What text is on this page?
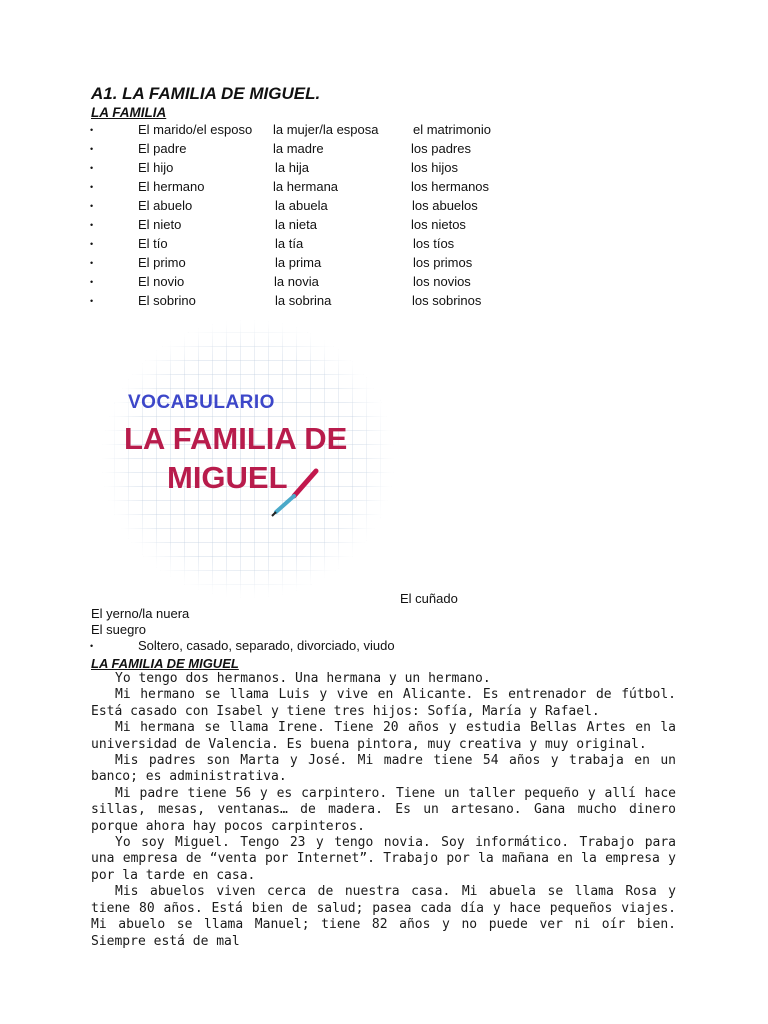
A1. LA FAMILIA DE MIGUEL.
LA FAMILIA
•	El marido/el esposo la mujer/la esposa	el matrimonio
•	El padre	la madre	los padres
•	El hijo	la hija	los hijos
•	El hermano	la hermana	los hermanos
•	El abuelo	la abuela	los abuelos
•	El nieto	la nieta	los nietos
•	El tío	la tía	los tíos
•	El primo	la prima	los primos
•	El novio	la novia	los novios
•	El sobrino	la sobrina	los sobrinos
VOCABULARIO
LA FAMILIA DE
MIGUEL
El cuñado
El yerno/la nuera
El suegro
•	Soltero, casado, separado, divorciado, viudo
LA FAMILIA DE MIGUEL

Yo tengo dos hermanos. Una hermana y un hermano.

Mi hermano se llama Luis y vive en Alicante. Es entrenador de fútbol. Está casado con Isabel y tiene tres hijos: Sofía, María y Rafael.

Mi hermana se llama Irene. Tiene 20 años y estudia Bellas Artes en la universidad de Valencia. Es buena pintora, muy creativa y muy original.

Mis padres son Marta y José. Mi madre tiene 54 años y trabaja en un banco; es administrativa.

Mi padre tiene 56 y es carpintero. Tiene un taller pequeño y allí hace sillas, mesas, ventanas… de madera. Es un artesano. Gana mucho dinero porque ahora hay pocos carpinteros.

Yo soy Miguel. Tengo 23 y tengo novia. Soy informático. Trabajo para una empresa de “venta por Internet”. Trabajo por la mañana en la empresa y por la tarde en casa.

Mis abuelos viven cerca de nuestra casa. Mi abuela se llama Rosa y tiene 80 años. Está bien de salud; pasea cada día y hace pequeños viajes. Mi abuelo se llama Manuel; tiene 82 años y no puede ver ni oír bien. Siempre está de mal
